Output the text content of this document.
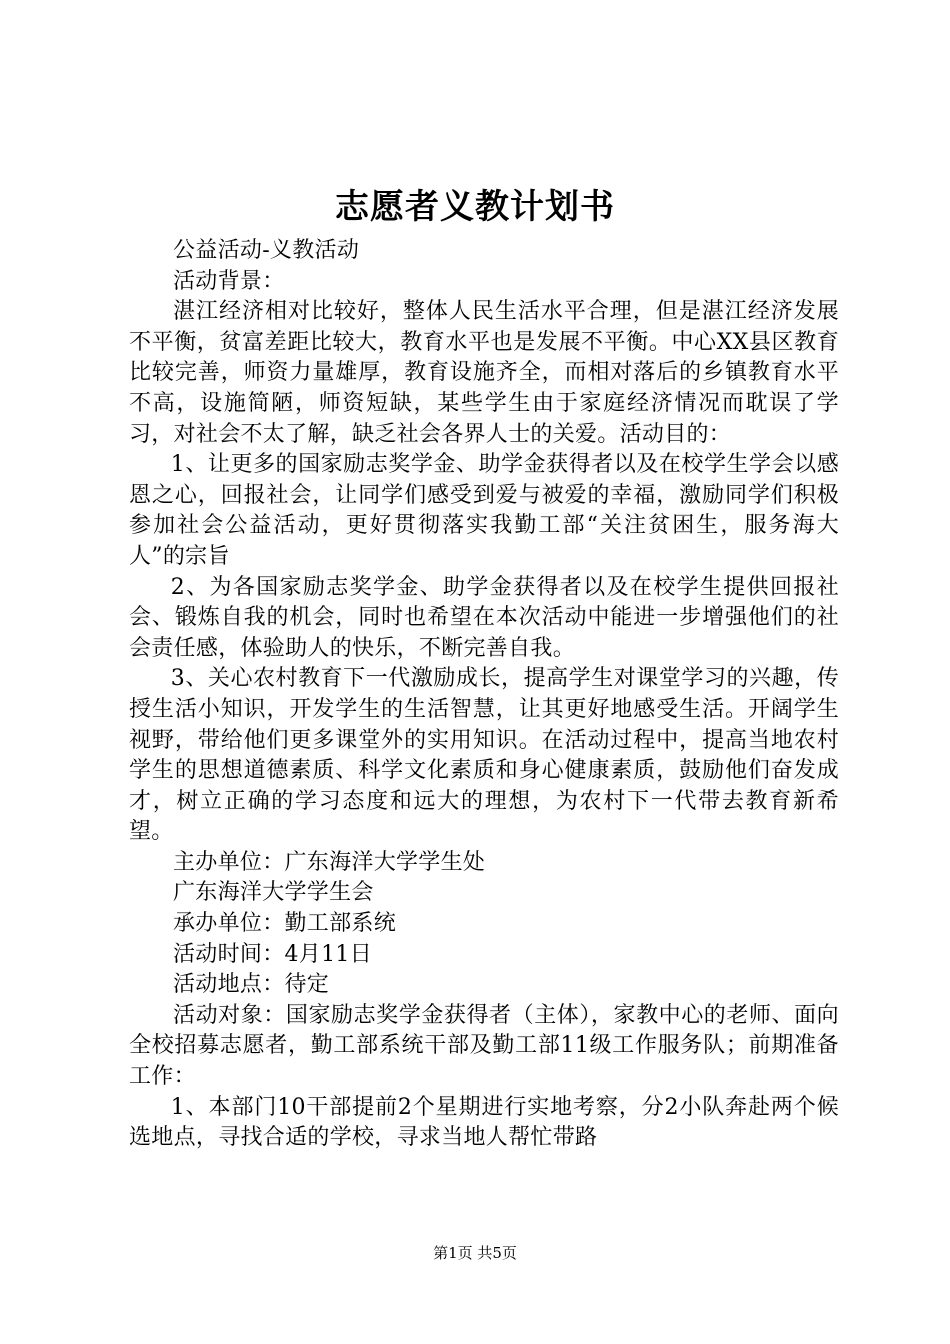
志愿者义教计划书

公益活动-义教活动

活动背景：

湛江经济相对比较好，整体人民生活水平合理，但是湛江经济发展不平衡，贫富差距比较大，教育水平也是发展不平衡。中心XX县区教育比较完善，师资力量雄厚，教育设施齐全，而相对落后的乡镇教育水平不高，设施简陋，师资短缺，某些学生由于家庭经济情况而耽误了学习，对社会不太了解，缺乏社会各界人士的关爱。活动目的：

1、让更多的国家励志奖学金、助学金获得者以及在校学生学会以感恩之心，回报社会，让同学们感受到爱与被爱的幸福，激励同学们积极参加社会公益活动，更好贯彻落实我勤工部“关注贫困生，服务海大人”的宗旨

2、为各国家励志奖学金、助学金获得者以及在校学生提供回报社会、锻炼自我的机会，同时也希望在本次活动中能进一步增强他们的社会责任感，体验助人的快乐，不断完善自我。

3、关心农村教育下一代激励成长，提高学生对课堂学习的兴趣，传授生活小知识，开发学生的生活智慧，让其更好地感受生活。开阔学生视野，带给他们更多课堂外的实用知识。在活动过程中，提高当地农村学生的思想道德素质、科学文化素质和身心健康素质，鼓励他们奋发成才，树立正确的学习态度和远大的理想，为农村下一代带去教育新希望。

主办单位：广东海洋大学学生处

广东海洋大学学生会

承办单位：勤工部系统

活动时间：4月11日

活动地点：待定

活动对象：国家励志奖学金获得者（主体），家教中心的老师、面向全校招募志愿者，勤工部系统干部及勤工部11级工作服务队；前期准备工作：

1、本部门10干部提前2个星期进行实地考察，分2小队奔赴两个候选地点，寻找合适的学校，寻求当地人帮忙带路

第1页 共5页
